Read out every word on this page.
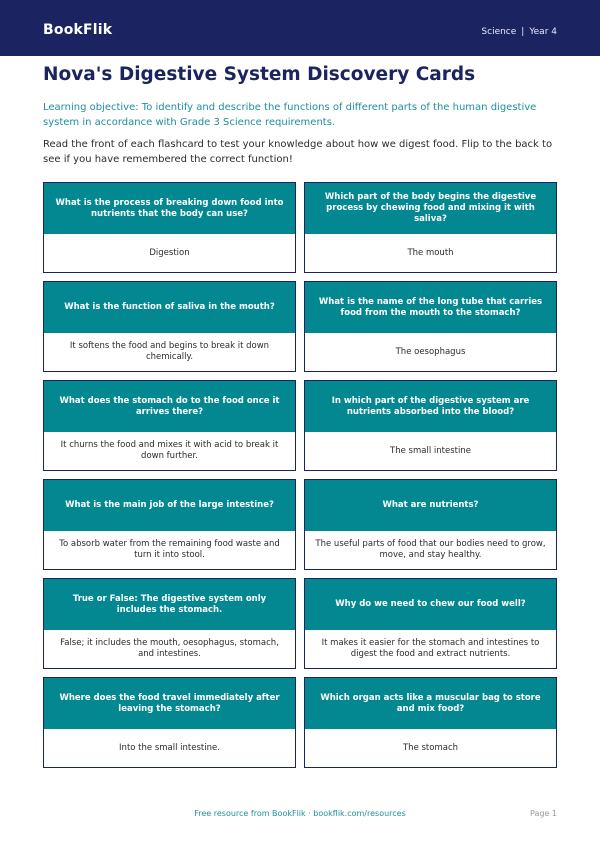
BookFlik	Science | Year 4
Nova's Digestive System Discovery Cards

Learning objective: To identify and describe the functions of different parts of the human digestive system in accordance with Grade 3 Science requirements.

Read the front of each flashcard to test your knowledge about how we digest food. Flip to the back to see if you have remembered the correct function!

What is the process of breaking down food into nutrients that the body can use?
Digestion
Which part of the body begins the digestive process by chewing food and mixing it with saliva?
The mouth
What is the function of saliva in the mouth?
It softens the food and begins to break it down chemically.
What is the name of the long tube that carries food from the mouth to the stomach?
The oesophagus
What does the stomach do to the food once it arrives there?
It churns the food and mixes it with acid to break it down further.
In which part of the digestive system are nutrients absorbed into the blood?
The small intestine
What is the main job of the large intestine?
To absorb water from the remaining food waste and turn it into stool.
What are nutrients?
The useful parts of food that our bodies need to grow, move, and stay healthy.
True or False: The digestive system only includes the stomach.
False; it includes the mouth, oesophagus, stomach, and intestines.
Why do we need to chew our food well?
It makes it easier for the stomach and intestines to digest the food and extract nutrients.
Where does the food travel immediately after leaving the stomach?
Into the small intestine.
Which organ acts like a muscular bag to store and mix food?
The stomach
Free resource from BookFlik · bookflik.com/resources	Page 1
